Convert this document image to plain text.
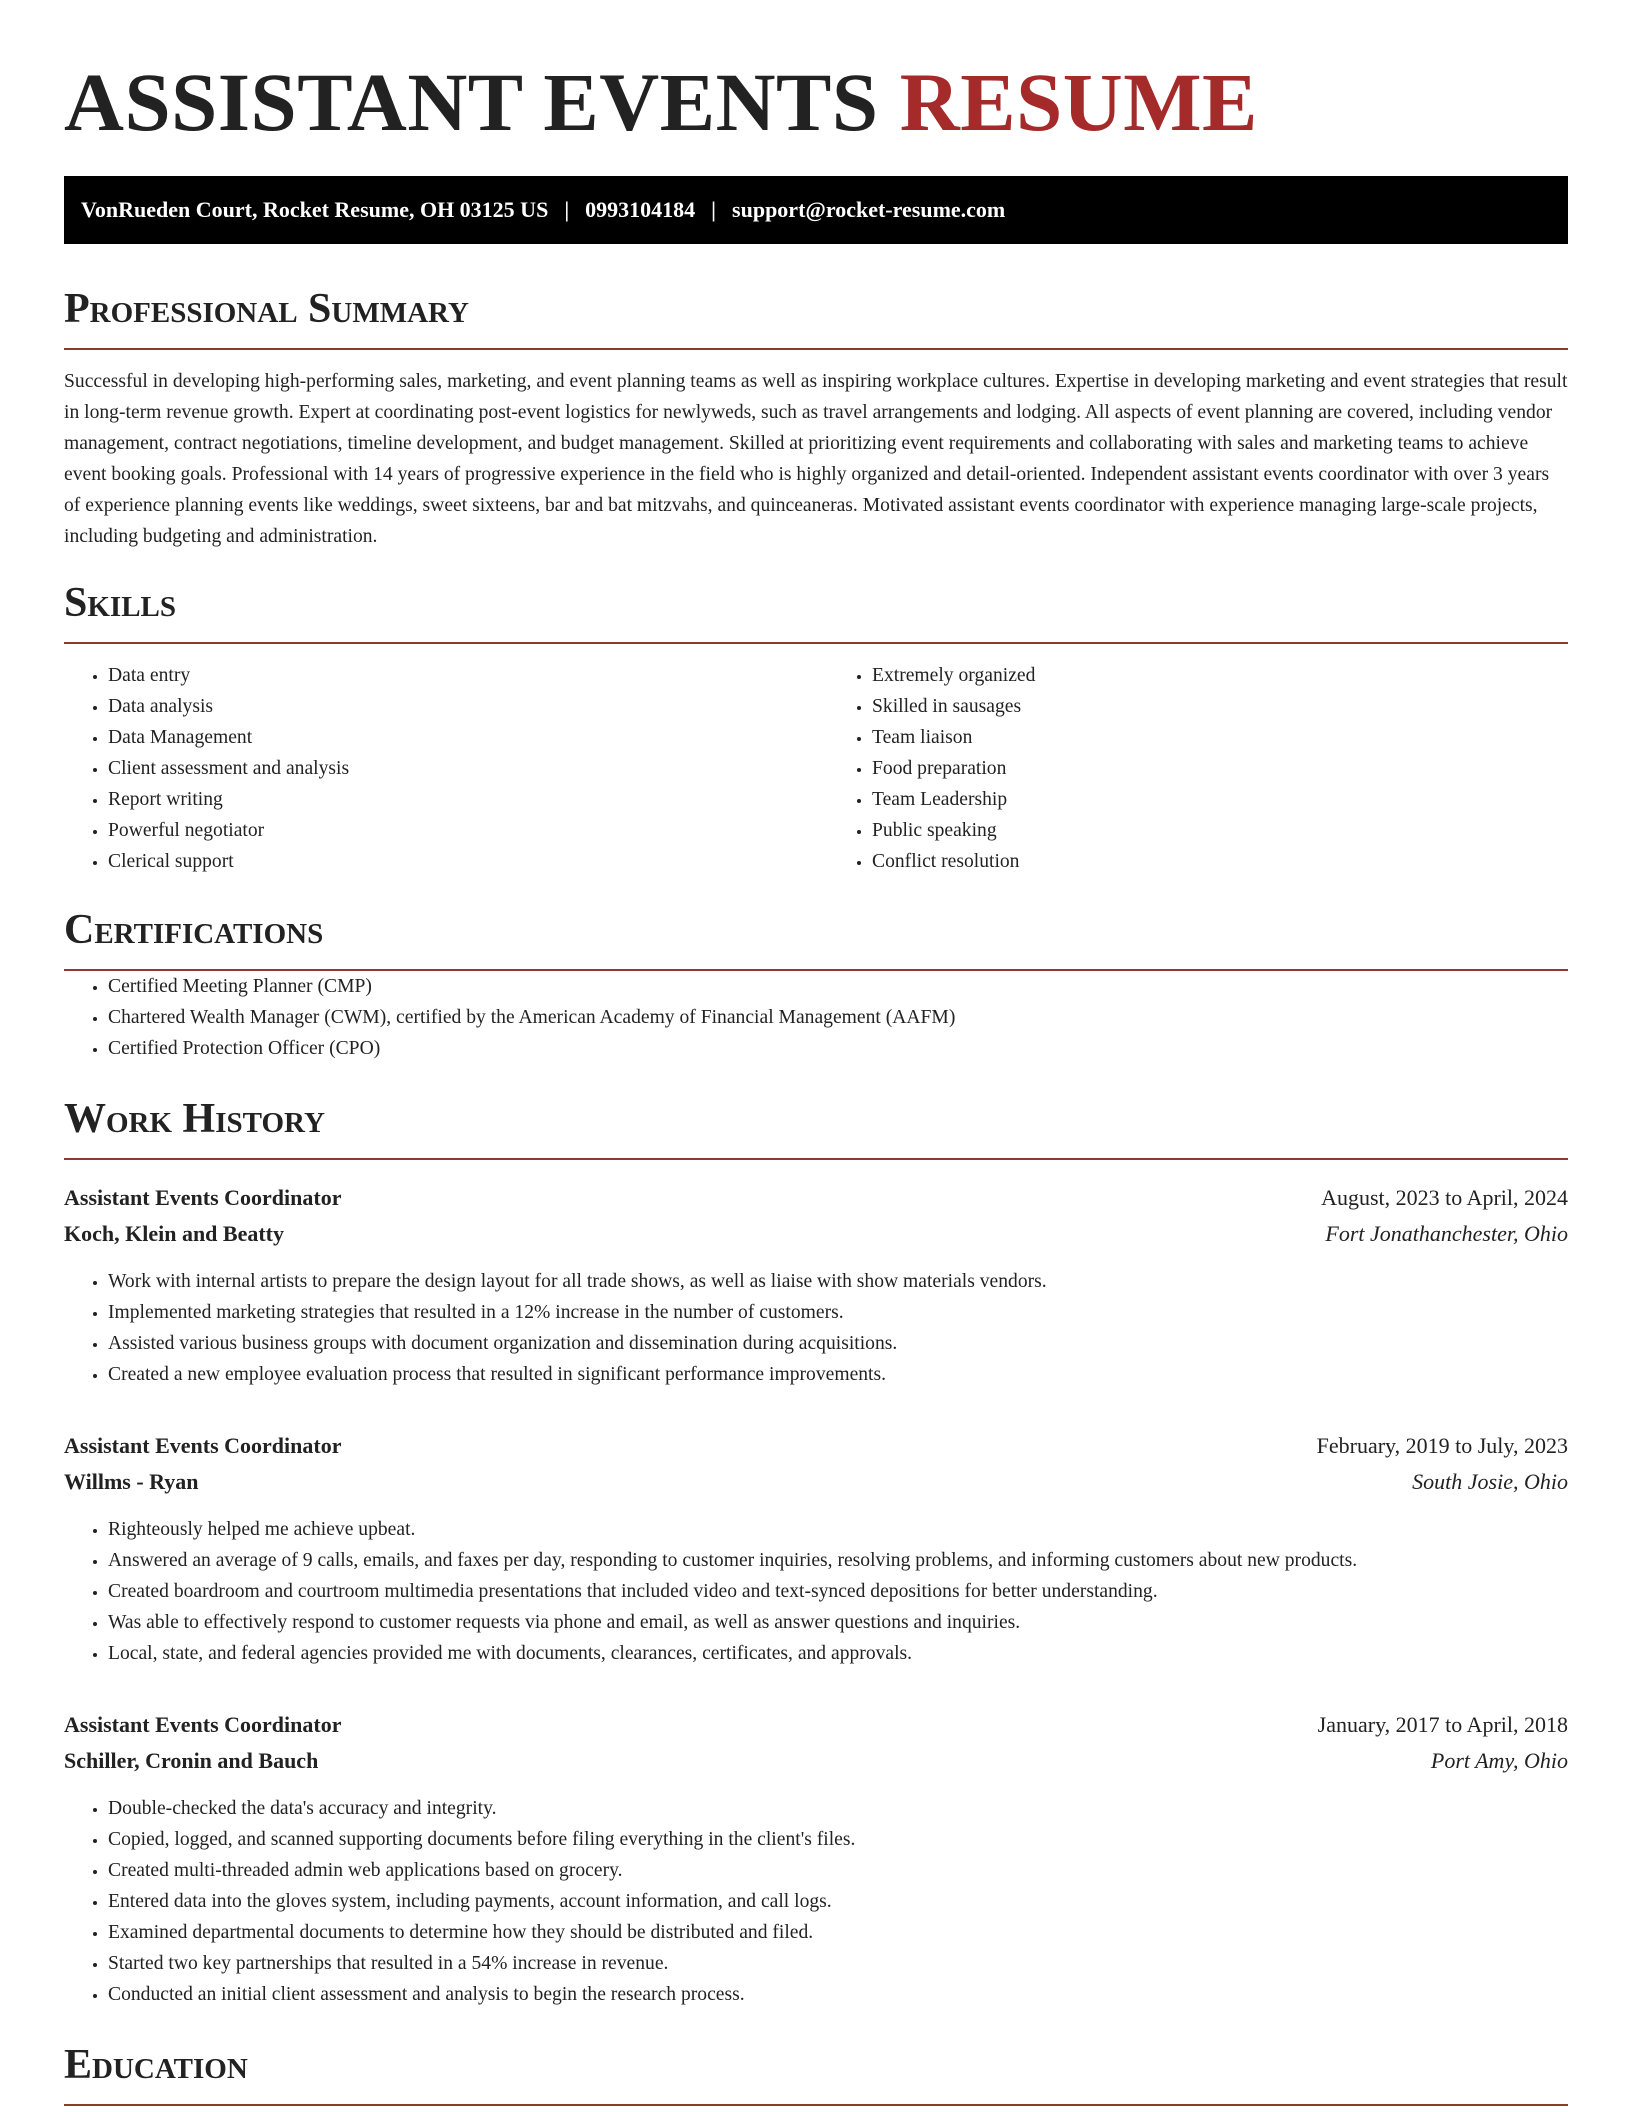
ASSISTANT EVENTS RESUME
VonRueden Court, Rocket Resume, OH 03125 US | 0993104184 | support@rocket-resume.com
Professional Summary

Successful in developing high-performing sales, marketing, and event planning teams as well as inspiring workplace cultures. Expertise in developing marketing and event strategies that result in long-term revenue growth. Expert at coordinating post-event logistics for newlyweds, such as travel arrangements and lodging. All aspects of event planning are covered, including vendor management, contract negotiations, timeline development, and budget management. Skilled at prioritizing event requirements and collaborating with sales and marketing teams to achieve event booking goals. Professional with 14 years of progressive experience in the field who is highly organized and detail-oriented. Independent assistant events coordinator with over 3 years of experience planning events like weddings, sweet sixteens, bar and bat mitzvahs, and quinceaneras. Motivated assistant events coordinator with experience managing large-scale projects, including budgeting and administration.

Skills
• Data entry
• Data analysis
• Data Management
• Client assessment and analysis
• Report writing
• Powerful negotiator
• Clerical support
• Extremely organized
• Skilled in sausages
• Team liaison
• Food preparation
• Team Leadership
• Public speaking
• Conflict resolution
Certifications
• Certified Meeting Planner (CMP)
• Chartered Wealth Manager (CWM), certified by the American Academy of Financial Management (AAFM)
• Certified Protection Officer (CPO)
Work History
Assistant Events Coordinator	August, 2023 to April, 2024
Koch, Klein and Beatty	Fort Jonathanchester, Ohio
• Work with internal artists to prepare the design layout for all trade shows, as well as liaise with show materials vendors.
• Implemented marketing strategies that resulted in a 12% increase in the number of customers.
• Assisted various business groups with document organization and dissemination during acquisitions.
• Created a new employee evaluation process that resulted in significant performance improvements.
Assistant Events Coordinator	February, 2019 to July, 2023
Willms - Ryan	South Josie, Ohio
• Righteously helped me achieve upbeat.
• Answered an average of 9 calls, emails, and faxes per day, responding to customer inquiries, resolving problems, and informing customers about new products.
• Created boardroom and courtroom multimedia presentations that included video and text-synced depositions for better understanding.
• Was able to effectively respond to customer requests via phone and email, as well as answer questions and inquiries.
• Local, state, and federal agencies provided me with documents, clearances, certificates, and approvals.
Assistant Events Coordinator	January, 2017 to April, 2018
Schiller, Cronin and Bauch	Port Amy, Ohio
• Double-checked the data's accuracy and integrity.
• Copied, logged, and scanned supporting documents before filing everything in the client's files.
• Created multi-threaded admin web applications based on grocery.
• Entered data into the gloves system, including payments, account information, and call logs.
• Examined departmental documents to determine how they should be distributed and filed.
• Started two key partnerships that resulted in a 54% increase in revenue.
• Conducted an initial client assessment and analysis to begin the research process.
Education
